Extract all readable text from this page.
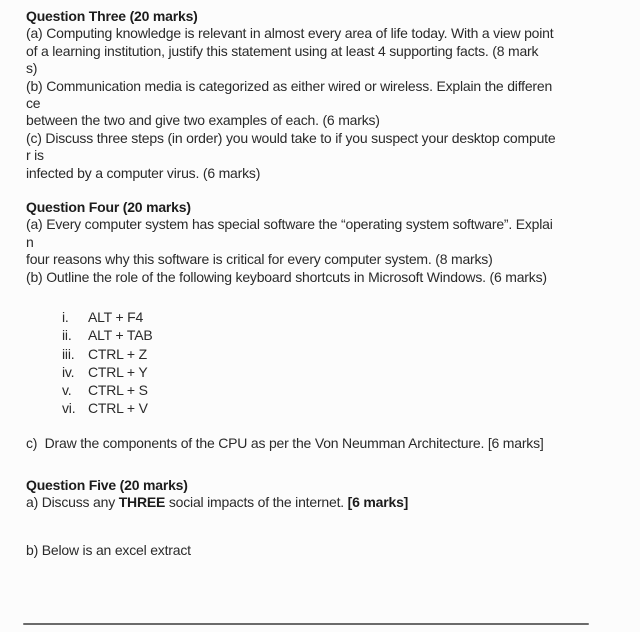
Question Three (20 marks)
(a) Computing knowledge is relevant in almost every area of life today. With a view point
of a learning institution, justify this statement using at least 4 supporting facts. (8 mark
s)
(b) Communication media is categorized as either wired or wireless. Explain the differen
ce
between the two and give two examples of each. (6 marks)
(c) Discuss three steps (in order) you would take to if you suspect your desktop compute
r is
infected by a computer virus. (6 marks)
Question Four (20 marks)
(a) Every computer system has special software the “operating system software”. Explai
n
four reasons why this software is critical for every computer system. (8 marks)
(b) Outline the role of the following keyboard shortcuts in Microsoft Windows. (6 marks)
i.	ALT + F4
ii.	ALT + TAB
iii. CTRL + Z
iv. CTRL + Y
v.	CTRL + S
vi. CTRL + V
c)  Draw the components of the CPU as per the Von Neumman Architecture. [6 marks]
Question Five (20 marks)
a) Discuss any THREE social impacts of the internet. [6 marks]
b) Below is an excel extract
